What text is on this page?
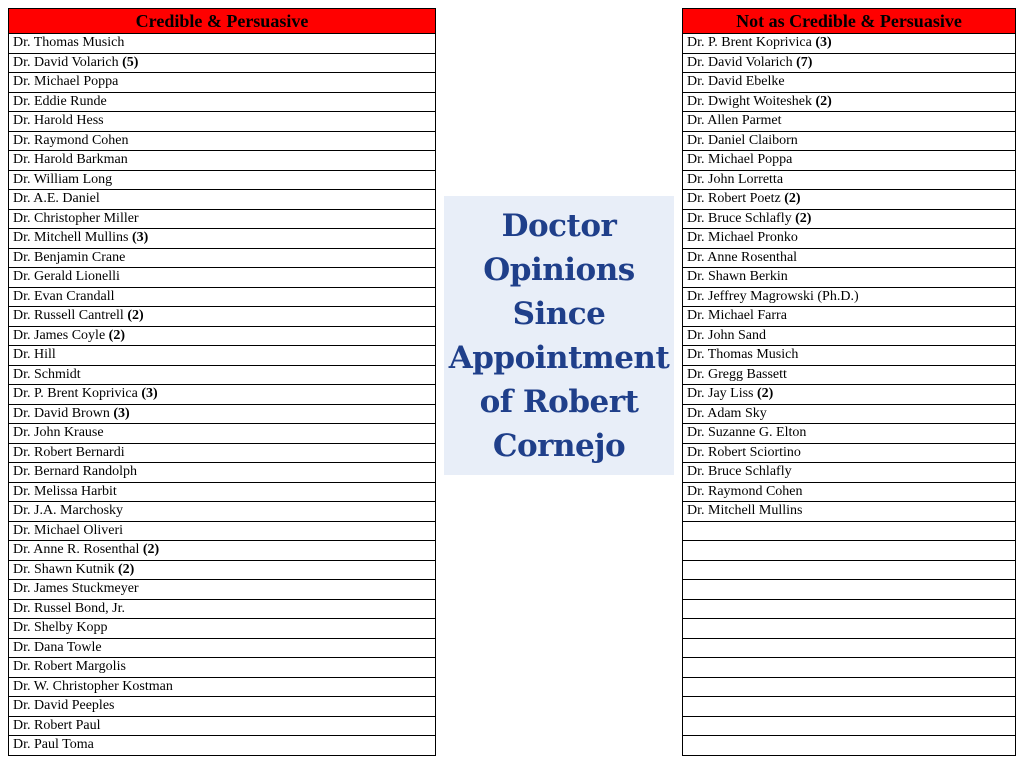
Credible & Persuasive
Dr. Thomas Musich
Dr. David Volarich (5)
Dr. Michael Poppa
Dr. Eddie Runde
Dr. Harold Hess
Dr. Raymond Cohen
Dr. Harold Barkman
Dr. William Long
Dr. A.E. Daniel
Dr. Christopher Miller
Dr. Mitchell Mullins (3)
Dr. Benjamin Crane
Dr. Gerald Lionelli
Dr. Evan Crandall
Dr. Russell Cantrell (2)
Dr. James Coyle (2)
Dr. Hill
Dr. Schmidt
Dr. P. Brent Koprivica (3)
Dr. David Brown (3)
Dr. John Krause
Dr. Robert Bernardi
Dr. Bernard Randolph
Dr. Melissa Harbit
Dr. J.A. Marchosky
Dr. Michael Oliveri
Dr. Anne R. Rosenthal (2)
Dr. Shawn Kutnik (2)
Dr. James Stuckmeyer
Dr. Russel Bond, Jr.
Dr. Shelby Kopp
Dr. Dana Towle
Dr. Robert Margolis
Dr. W. Christopher Kostman
Dr. David Peeples
Dr. Robert Paul
Dr. Paul Toma
Doctor
Opinions
Since
Appointment
of Robert
Cornejo
Not as Credible & Persuasive
Dr. P. Brent Koprivica (3)
Dr. David Volarich (7)
Dr. David Ebelke
Dr. Dwight Woiteshek (2)
Dr. Allen Parmet
Dr. Daniel Claiborn
Dr. Michael Poppa
Dr. John Lorretta
Dr. Robert Poetz (2)
Dr. Bruce Schlafly (2)
Dr. Michael Pronko
Dr. Anne Rosenthal
Dr. Shawn Berkin
Dr. Jeffrey Magrowski (Ph.D.)
Dr. Michael Farra
Dr. John Sand
Dr. Thomas Musich
Dr. Gregg Bassett
Dr. Jay Liss (2)
Dr. Adam Sky
Dr. Suzanne G. Elton
Dr. Robert Sciortino
Dr. Bruce Schlafly
Dr. Raymond Cohen
Dr. Mitchell Mullins
